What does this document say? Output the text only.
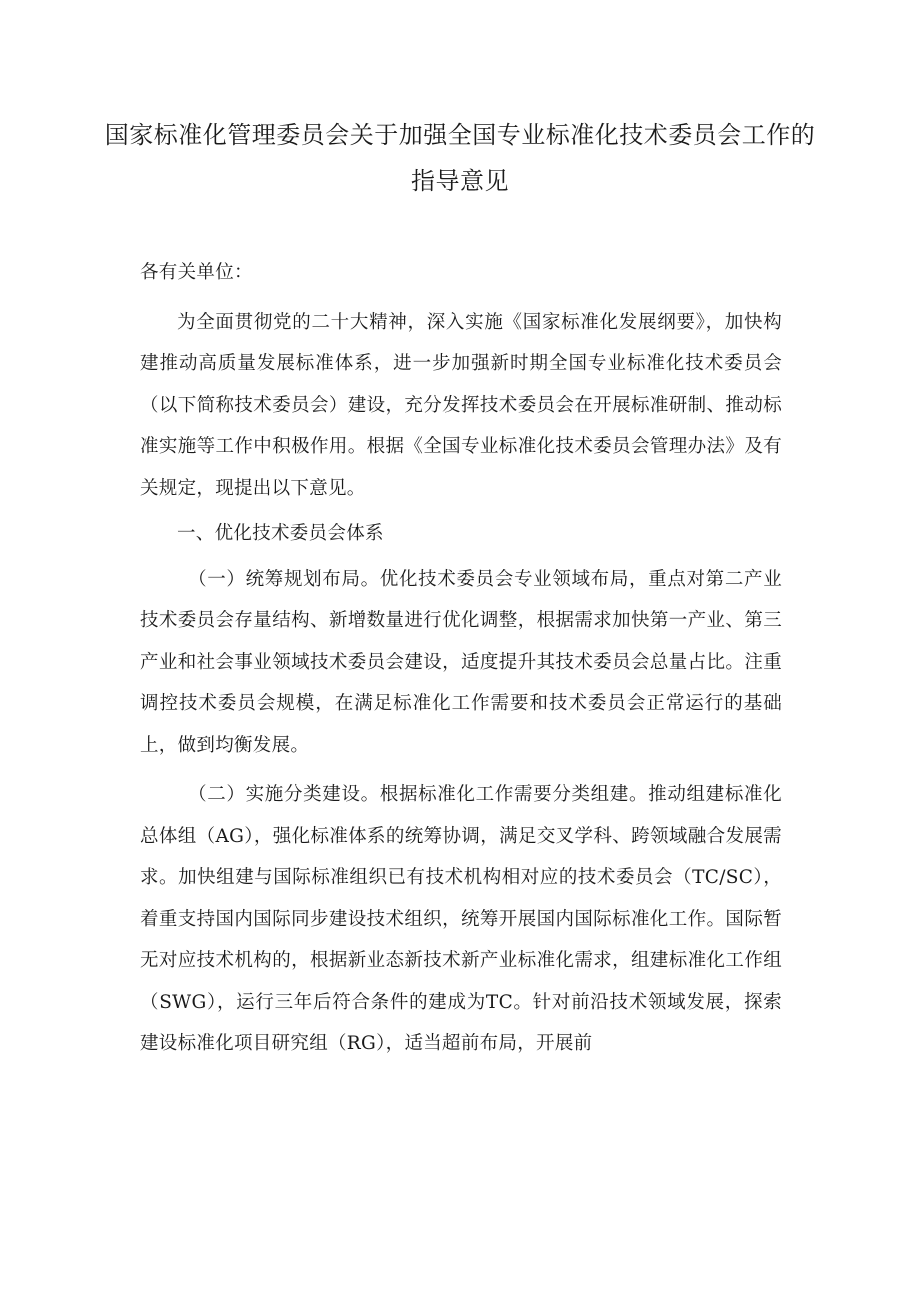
国家标准化管理委员会关于加强全国专业标准化技术委员会工作的指导意见

各有关单位：

为全面贯彻党的二十大精神，深入实施《国家标准化发展纲要》，加快构建推动高质量发展标准体系，进一步加强新时期全国专业标准化技术委员会（以下简称技术委员会）建设，充分发挥技术委员会在开展标准研制、推动标准实施等工作中积极作用。根据《全国专业标准化技术委员会管理办法》及有关规定，现提出以下意见。

一、优化技术委员会体系

（一）统筹规划布局。优化技术委员会专业领域布局，重点对第二产业技术委员会存量结构、新增数量进行优化调整，根据需求加快第一产业、第三产业和社会事业领域技术委员会建设，适度提升其技术委员会总量占比。注重调控技术委员会规模，在满足标准化工作需要和技术委员会正常运行的基础上，做到均衡发展。

（二）实施分类建设。根据标准化工作需要分类组建。推动组建标准化总体组（AG），强化标准体系的统筹协调，满足交叉学科、跨领域融合发展需求。加快组建与国际标准组织已有技术机构相对应的技术委员会（TC/SC），着重支持国内国际同步建设技术组织，统筹开展国内国际标准化工作。国际暂无对应技术机构的，根据新业态新技术新产业标准化需求，组建标准化工作组（SWG），运行三年后符合条件的建成为TC。针对前沿技术领域发展，探索建设标准化项目研究组（RG），适当超前布局，开展前
